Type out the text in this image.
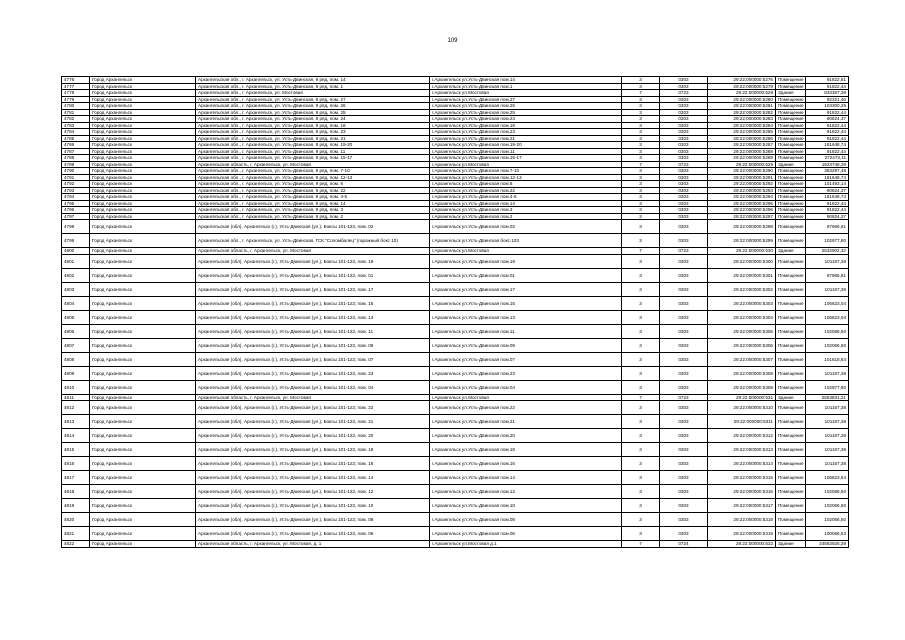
109
4776	Город Архангельск	Архангельская обл., г. Архангельск, ул. Усть-Двинская, 8 ряд, пом. 14	г.Архангельск ул.Усть-Двинская пом.14	3	0303	29:22:000000:5276	Помещение	91822,81
4777	Город Архангельск	Архангельская обл., г. Архангельск, ул. Усть-Двинская, 8 ряд, пом. 1	г.Архангельск ул.Усть-Двинская пом.1	3	0303	29:22:000000:5279	Помещение	91822,44
4778	Город Архангельск	Архангельская обл., г. Архангельск, ул. Мостовая	г.Архангельск ул.Мостовая	7	0723	29:22:000000:528	Здание	833367,38
4779	Город Архангельск	Архангельская обл., г. Архангельск, ул. Усть-Двинская, 8 ряд, пом. 27	г.Архангельск ул.Усть-Двинская пом.27	3	0303	29:22:000000:5280	Помещение	92321,46
4780	Город Архангельск	Архангельская обл., г. Архангельск, ул. Усть-Двинская, 9 ряд, пом. 26	г.Архангельск ул.Усть-Двинская пом.26	3	0303	29:22:000000:5281	Помещение	103300,25
4781	Город Архангельск	Архангельская обл., г. Архангельск, ул. Усть-Двинская, 8 ряд, пом. 25	г.Архангельск ул.Усть-Двинская пом.25	3	0303	29:22:000000:5282	Помещение	91822,44
4782	Город Архангельск	Архангельская обл., г. Архангельск, ул. Усть-Двинская, 8 ряд, пом. 24	г.Архангельск ул.Усть-Двинская пом.24	3	0303	29:22:000000:5283	Помещение	90824,37
4783	Город Архангельск	Архангельская обл., г. Архангельск, ул. Усть-Двинская, 9 ряд, пом. 18	г.Архангельск ул.Усть-Двинская пом.18	3	0303	29:22:000000:5284	Помещение	91822,44
4784	Город Архангельск	Архангельская обл., г. Архангельск, ул. Усть-Двинская, 9 ряд, пом. 23	г.Архангельск ул.Усть-Двинская пом.23	3	0303	29:22:000000:5285	Помещение	91822,44
4785	Город Архангельск	Архангельская обл., г. Архангельск, ул. Усть-Двинская, 8 ряд, пом. 21	г.Архангельск ул.Усть-Двинская пом.21	3	0303	29:22:000000:5286	Помещение	91822,44
4786	Город Архангельск	Архангельская обл., г. Архангельск, ул. Усть-Двинская, 8 ряд, пом. 19-20	г.Архангельск ул.Усть-Двинская пом.19-20	3	0303	29:22:000000:5287	Помещение	181648,74
4787	Город Архангельск	Архангельская обл., г. Архангельск, ул. Усть-Двинская, 9 ряд, пом. 11	г.Архангельск ул.Усть-Двинская пом.11	3	0303	29:22:000000:5288	Помещение	91822,44
4788	Город Архангельск	Архангельская обл., г. Архангельск, ул. Усть-Двинская, 9 ряд, пом. 15-17	г.Архангельск ул.Усть-Двинская пом.15-17	3	0303	29:22:000000:5289	Помещение	272473,11
4789	Город Архангельск	Архангельская область, г. Архангельск, ул. Мостовая	г.Архангельск ул.Мостовая	7	0723	29:22:000000:529	Здание	1623746,29
4790	Город Архангельск	Архангельская обл., г. Архангельск, ул. Усть-Двинская, 9 ряд, пом. 7-10	г.Архангельск ул.Усть-Двинская пом.7-10	3	0303	29:22:000000:5290	Помещение	363297,48
4791	Город Архангельск	Архангельская обл., г. Архангельск, ул. Усть-Двинская, 9 ряд, пом. 12-13	г.Архангельск ул.Усть-Двинская пом.12-13	3	0303	29:22:000000:5291	Помещение	181648,74
4792	Город Архангельск	Архангельская обл., г. Архангельск, ул. Усть-Двинская, 9 ряд, пом. 6	г.Архангельск ул.Усть-Двинская пом.6	3	0303	29:22:000000:5292	Помещение	101493,14
4793	Город Архангельск	Архангельская обл., г. Архангельск, ул. Усть-Двинская, 9 ряд, пом. 22	г.Архангельск ул.Усть-Двинская пом.22	3	0303	29:22:000000:5293	Помещение	90824,37
4794	Город Архангельск	Архангельская обл., г. Архангельск, ул. Усть-Двинская, 9 ряд, пом. 4-5	г.Архангельск ул.Усть-Двинская пом.4-5	3	0303	29:22:000000:5294	Помещение	181648,74
4795	Город Архангельск	Архангельская обл., г. Архангельск, ул. Усть-Двинская, 9 ряд, пом. 14	г.Архангельск ул.Усть-Двинская пом.14	3	0303	29:22:000000:5295	Помещение	91822,44
4796	Город Архангельск	Архангельская обл., г. Архангельск, ул. Усть-Двинская, 9 ряд, пом. 3	г.Архангельск ул.Усть-Двинская пом.3	3	0303	29:22:000000:5296	Помещение	91822,44
4797	Город Архангельск	Архангельская обл., г. Архангельск, ул. Усть-Двинская, 9 ряд, пом. 2	г.Архангельск ул.Усть-Двинская пом.2	3	0303	29:22:000000:5297	Помещение	90824,37
4798	Город Архангельск	Архангельская (обл), Архангельск (г.), Усть-Двинская (ул.), Боксы 101-123, пом. 02	г.Архангельск ул.Усть-Двинская пом.02	3	0303	29:22:000000:5298	Помещение	97965,61
4799	Город Архангельск	Архангельская обл., г. Архангельск, ул. Усть-Двинская, ГСК "Соломбалец" (гаражный бокс 10)	г.Архангельск ул.Усть-Двинская бокс.103	3	0303	29:22:000000:5299	Помещение	102977,80
4800	Город Архангельск	Архангельская область, г. Архангельск, ул. Мостовая	г.Архангельск ул.Мостовая	7	0723	29:22:000000:530	Здание	2532902,32
4801	Город Архангельск	Архангельская (обл), Архангельск (г.), Усть-Двинская (ул.), Боксы 101-123, пом. 19	г.Архангельск ул.Усть-Двинская пом.19	3	0303	29:22:000000:5300	Помещение	101167,36
4802	Город Архангельск	Архангельская (обл), Архангельск (г.), Усть-Двинская (ул.), Боксы 101-123, пом. 01	г.Архангельск ул.Усть-Двинская пом.01	3	0303	29:22:000000:5301	Помещение	97965,61
4803	Город Архангельск	Архангельская (обл), Архангельск (г.), Усть-Двинская (ул.), Боксы 101-123, пом. 17	г.Архангельск ул.Усть-Двинская пом.17	3	0303	29:22:000000:5302	Помещение	101167,36
4804	Город Архангельск	Архангельская (обл), Архангельск (г.), Усть-Двинская (ул.), Боксы 101-123, пом. 15	г.Архангельск ул.Усть-Двинская пом.15	3	0303	29:22:000000:5303	Помещение	106623,04
4805	Город Архангельск	Архангельская (обл), Архангельск (г.), Усть-Двинская (ул.), Боксы 101-123, пом. 13	г.Архангельск ул.Усть-Двинская пом.13	3	0303	29:22:000000:5304	Помещение	106623,04
4806	Город Архангельск	Архангельская (обл), Архангельск (г.), Усть-Двинская (ул.), Боксы 101-123, пом. 11	г.Архангельск ул.Усть-Двинская пом.11	3	0303	29:22:000000:5305	Помещение	102066,50
4807	Город Архангельск	Архангельская (обл), Архангельск (г.), Усть-Двинская (ул.), Боксы 101-123, пом. 09	г.Архангельск ул.Усть-Двинская пом.09	3	0303	29:22:000000:5306	Помещение	102066,50
4808	Город Архангельск	Архангельская (обл), Архангельск (г.), Усть-Двинская (ул.), Боксы 101-123, пом. 07	г.Архангельск ул.Усть-Двинская пом.07	3	0303	29:22:000000:5307	Помещение	101618,84
4809	Город Архангельск	Архангельская (обл), Архангельск (г.), Усть-Двинская (ул.), Боксы 101-123, пом. 23	г.Архангельск ул.Усть-Двинская пом.23	3	0303	29:22:000000:5308	Помещение	101167,38
4810	Город Архангельск	Архангельская (обл), Архангельск (г.), Усть-Двинская (ул.), Боксы 101-123, пом. 04	г.Архангельск ул.Усть-Двинская пом.04	3	0303	29:22:000000:5309	Помещение	102977,80
4811	Город Архангельск	Архангельская область, г. Архангельск, ул. Мостовая	г.Архангельск ул.Мостовая	7	0723	29:22:000000:531	Здание	2553831,21
4812	Город Архангельск	Архангельская (обл), Архангельск (г.), Усть-Двинская (ул.), Боксы 101-123, пом. 22	г.Архангельск ул.Усть-Двинская пом.22	3	0303	29:22:000000:5310	Помещение	101167,38
4813	Город Архангельск	Архангельская (обл), Архангельск (г.), Усть-Двинская (ул.), Боксы 101-123, пом. 21	г.Архангельск ул.Усть-Двинская пом.21	3	0303	29:22:000000:5311	Помещение	101167,38
4814	Город Архангельск	Архангельская (обл), Архангельск (г.), Усть-Двинская (ул.), Боксы 101-123, пом. 20	г.Архангельск ул.Усть-Двинская пом.20	3	0303	29:22:000000:5312	Помещение	101167,38
4815	Город Архангельск	Архангельская (обл), Архангельск (г.), Усть-Двинская (ул.), Боксы 101-123, пом. 18	г.Архангельск ул.Усть-Двинская пом.18	3	0303	29:22:000000:5313	Помещение	101167,38
4816	Город Архангельск	Архангельская (обл), Архангельск (г.), Усть-Двинская (ул.), Боксы 101-123, пом. 16	г.Архангельск ул.Усть-Двинская пом.16	3	0303	29:22:000000:5314	Помещение	101167,38
4817	Город Архангельск	Архангельская (обл), Архангельск (г.), Усть-Двинская (ул.), Боксы 101-123, пом. 14	г.Архангельск ул.Усть-Двинская пом.14	3	0303	29:22:000000:5315	Помещение	106623,64
4818	Город Архангельск	Архангельская (обл), Архангельск (г.), Усть-Двинская (ул.), Боксы 101-123, пом. 12	г.Архангельск ул.Усть-Двинская пом.12	3	0303	29:22:000000:5316	Помещение	102066,50
4819	Город Архангельск	Архангельская (обл), Архангельск (г.), Усть-Двинская (ул.), Боксы 101-123, пом. 10	г.Архангельск ул.Усть-Двинская пом.10	3	0303	29:22:000000:5317	Помещение	102066,50
4820	Город Архангельск	Архангельская (обл), Архангельск (г.), Усть-Двинская (ул.), Боксы 101-123, пом. 08	г.Архангельск ул.Усть-Двинская пом.08	3	0303	29:22:000000:5318	Помещение	102066,50
4821	Город Архангельск	Архангельская (обл), Архангельск (г.), Усть-Двинская (ул.), Боксы 101-123, пом. 06	г.Архангельск ул.Усть-Двинская пом.06	3	0303	29:22:000000:5319	Помещение	100066,53
4822	Город Архангельск	Архангельская область, г. Архангельск, ул. Мостовая, д. 1	г.Архангельск ул.Мостовая д.1	7	0724	29:22:000000:532	Здание	34563925,39
